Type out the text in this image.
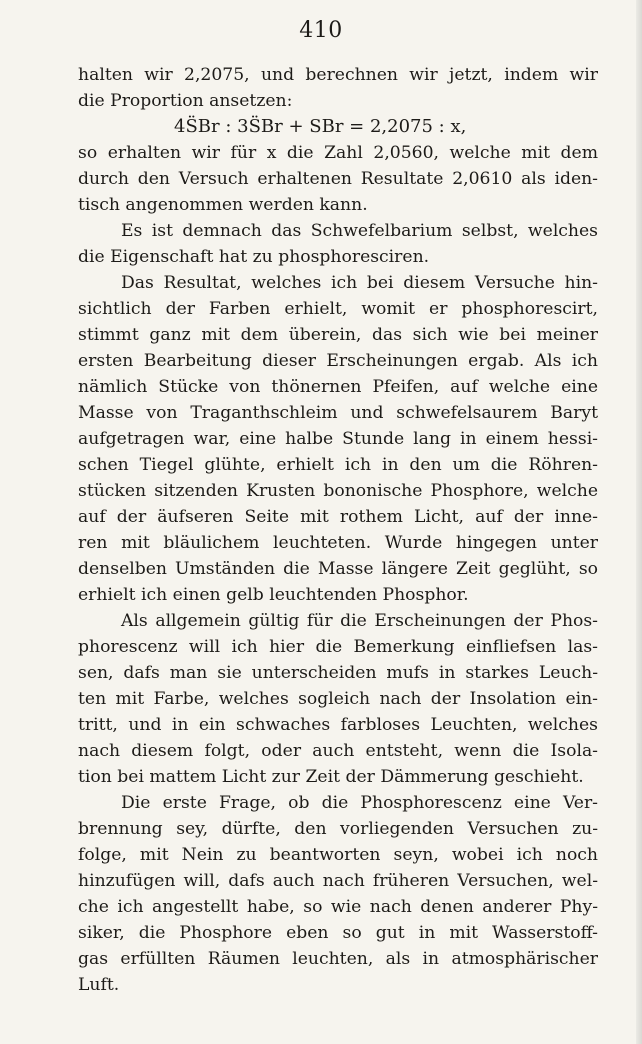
410
halten wir 2,2075, und berechnen wir jetzt, indem wir
die Proportion ansetzen:
4S̈Br : 3S̈Br + SBr = 2,2075 : x,
so erhalten wir für x die Zahl 2,0560, welche mit dem
durch den Versuch erhaltenen Resultate 2,0610 als iden-
tisch angenommen werden kann.
Es ist demnach das Schwefelbarium selbst, welches
die Eigenschaft hat zu phosphoresciren.
Das Resultat, welches ich bei diesem Versuche hin-
sichtlich der Farben erhielt, womit er phosphorescirt,
stimmt ganz mit dem überein, das sich wie bei meiner
ersten Bearbeitung dieser Erscheinungen ergab. Als ich
nämlich Stücke von thönernen Pfeifen, auf welche eine
Masse von Traganthschleim und schwefelsaurem Baryt
aufgetragen war, eine halbe Stunde lang in einem hessi-
schen Tiegel glühte, erhielt ich in den um die Röhren-
stücken sitzenden Krusten bononische Phosphore, welche
auf der äufseren Seite mit rothem Licht, auf der inne-
ren mit bläulichem leuchteten. Wurde hingegen unter
denselben Umständen die Masse längere Zeit geglüht, so
erhielt ich einen gelb leuchtenden Phosphor.
Als allgemein gültig für die Erscheinungen der Phos-
phorescenz will ich hier die Bemerkung einfliefsen las-
sen, dafs man sie unterscheiden mufs in starkes Leuch-
ten mit Farbe, welches sogleich nach der Insolation ein-
tritt, und in ein schwaches farbloses Leuchten, welches
nach diesem folgt, oder auch entsteht, wenn die Isola-
tion bei mattem Licht zur Zeit der Dämmerung geschieht.
Die erste Frage, ob die Phosphorescenz eine Ver-
brennung sey, dürfte, den vorliegenden Versuchen zu-
folge, mit Nein zu beantworten seyn, wobei ich noch
hinzufügen will, dafs auch nach früheren Versuchen, wel-
che ich angestellt habe, so wie nach denen anderer Phy-
siker, die Phosphore eben so gut in mit Wasserstoff-
gas erfüllten Räumen leuchten, als in atmosphärischer
Luft.
